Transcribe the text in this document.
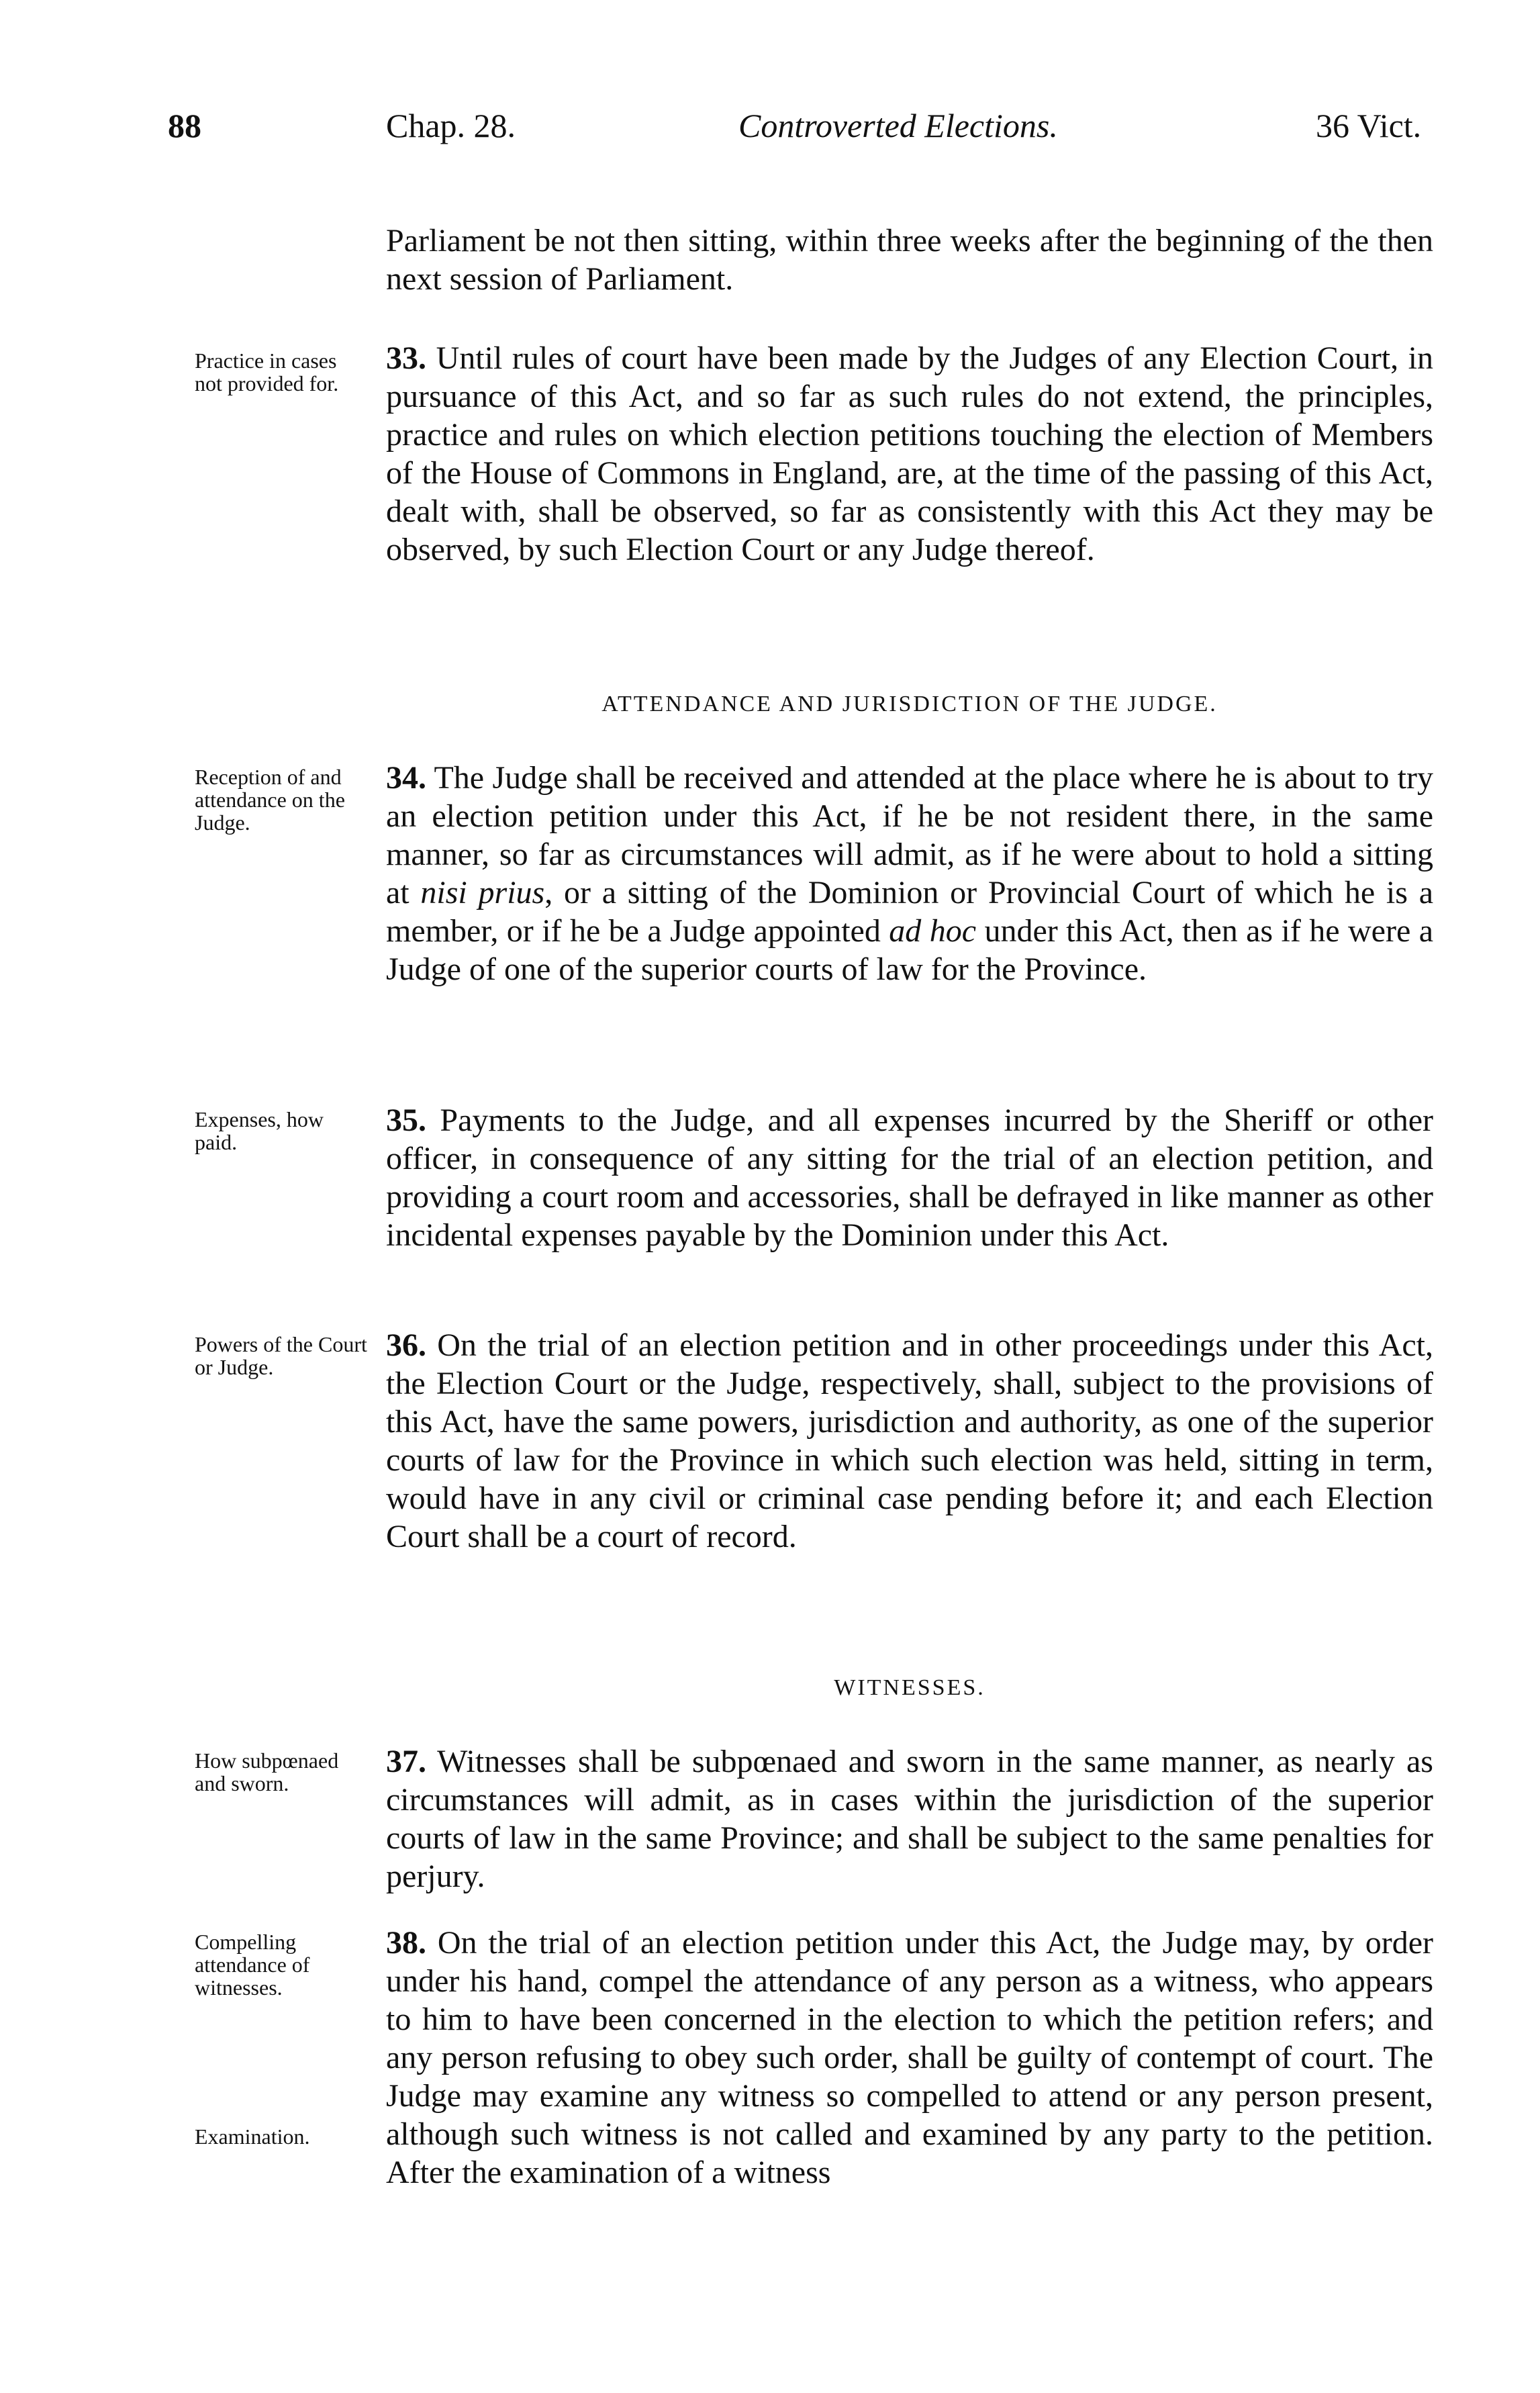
88	Chap. 28.	Controverted Elections.	36 Vict.

Parliament be not then sitting, within three weeks after the beginning of the then next session of Parliament.

Practice in cases not provided for.

33. Until rules of court have been made by the Judges of any Election Court, in pursuance of this Act, and so far as such rules do not extend, the principles, practice and rules on which election petitions touching the election of Members of the House of Commons in England, are, at the time of the passing of this Act, dealt with, shall be observed, so far as consistently with this Act they may be observed, by such Election Court or any Judge thereof.

ATTENDANCE AND JURISDICTION OF THE JUDGE.

Reception of and attendance on the Judge.

34. The Judge shall be received and attended at the place where he is about to try an election petition under this Act, if he be not resident there, in the same manner, so far as circumstances will admit, as if he were about to hold a sitting at nisi prius, or a sitting of the Dominion or Provincial Court of which he is a member, or if he be a Judge appointed ad hoc under this Act, then as if he were a Judge of one of the superior courts of law for the Province.

Expenses, how paid.

35. Payments to the Judge, and all expenses incurred by the Sheriff or other officer, in consequence of any sitting for the trial of an election petition, and providing a court room and accessories, shall be defrayed in like manner as other incidental expenses payable by the Dominion under this Act.

Powers of the Court or Judge.

36. On the trial of an election petition and in other proceedings under this Act, the Election Court or the Judge, respectively, shall, subject to the provisions of this Act, have the same powers, jurisdiction and authority, as one of the superior courts of law for the Province in which such election was held, sitting in term, would have in any civil or criminal case pending before it; and each Election Court shall be a court of record.

WITNESSES.

How subpœnaed and sworn.

37. Witnesses shall be subpœnaed and sworn in the same manner, as nearly as circumstances will admit, as in cases within the jurisdiction of the superior courts of law in the same Province; and shall be subject to the same penalties for perjury.

Compelling attendance of witnesses.

Examination.

38. On the trial of an election petition under this Act, the Judge may, by order under his hand, compel the attendance of any person as a witness, who appears to him to have been concerned in the election to which the petition refers; and any person refusing to obey such order, shall be guilty of contempt of court. The Judge may examine any witness so compelled to attend or any person present, although such witness is not called and examined by any party to the petition. After the examination of a witness
